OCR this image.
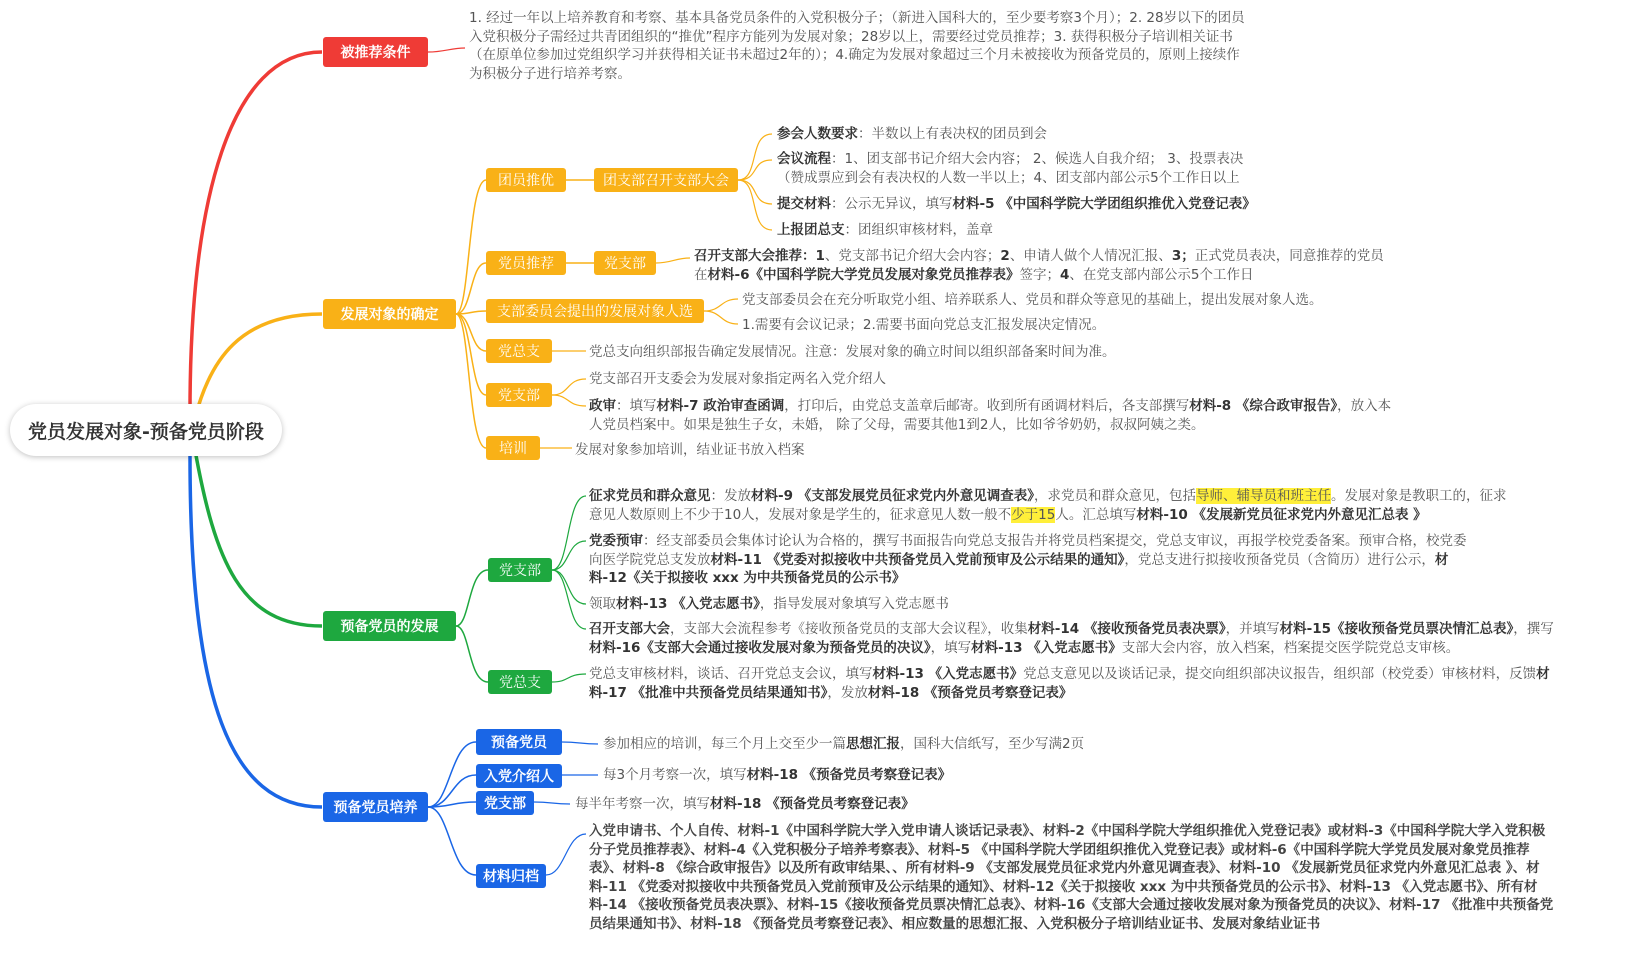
党员发展对象-预备党员阶段
被推荐条件
发展对象的确定
预备党员的发展
预备党员培养
1. 经过一年以上培养教育和考察、基本具备党员条件的入党积极分子；（新进入国科大的，至少要考察3个月）；2. 28岁以下的团员入党积极分子需经过共青团组织的“推优”程序方能列为发展对象；28岁以上，需要经过党员推荐；3. 获得积极分子培训相关证书（在原单位参加过党组织学习并获得相关证书未超过2年的）；4.确定为发展对象超过三个月未被接收为预备党员的，原则上接续作为积极分子进行培养考察。
团员推优	团支部召开支部大会
党员推荐	党支部
支部委员会提出的发展对象人选
党总支
党支部
培训
参会人数要求：半数以上有表决权的团员到会
会议流程：1、团支部书记介绍大会内容； 2、候选人自我介绍； 3、投票表决（赞成票应到会有表决权的人数一半以上；4、团支部内部公示5个工作日以上
提交材料：公示无异议，填写材料-5 《中国科学院大学团组织推优入党登记表》
上报团总支：团组织审核材料，盖章
召开支部大会推荐：1、党支部书记介绍大会内容；2、申请人做个人情况汇报、3；正式党员表决，同意推荐的党员在材料-6《中国科学院大学党员发展对象党员推荐表》签字；4、在党支部内部公示5个工作日
党支部委员会在充分听取党小组、培养联系人、党员和群众等意见的基础上，提出发展对象人选。
1.需要有会议记录；2.需要书面向党总支汇报发展决定情况。
党总支向组织部报告确定发展情况。注意：发展对象的确立时间以组织部备案时间为准。
党支部召开支委会为发展对象指定两名入党介绍人
政审：填写材料-7 政治审查函调，打印后，由党总支盖章后邮寄。收到所有函调材料后，各支部撰写材料-8 《综合政审报告》，放入本人党员档案中。如果是独生子女，未婚， 除了父母，需要其他1到2人，比如爷爷奶奶，叔叔阿姨之类。
发展对象参加培训，结业证书放入档案
党支部
党总支
征求党员和群众意见：发放材料-9 《支部发展党员征求党内外意见调查表》，求党员和群众意见，包括导师、辅导员和班主任。发展对象是教职工的，征求意见人数原则上不少于10人，发展对象是学生的，征求意见人数一般不少于15人。汇总填写材料-10 《发展新党员征求党内外意见汇总表 》
党委预审：经支部委员会集体讨论认为合格的，撰写书面报告向党总支报告并将党员档案提交，党总支审议，再报学校党委备案。预审合格，校党委向医学院党总支发放材料-11 《党委对拟接收中共预备党员入党前预审及公示结果的通知》，党总支进行拟接收预备党员（含简历）进行公示，材料-12《关于拟接收 xxx 为中共预备党员的公示书》
领取材料-13 《入党志愿书》，指导发展对象填写入党志愿书
召开支部大会，支部大会流程参考《接收预备党员的支部大会议程》，收集材料-14 《接收预备党员表决票》，并填写材料-15《接收预备党员票决情汇总表》，撰写材料-16《支部大会通过接收发展对象为预备党员的决议》，填写材料-13 《入党志愿书》支部大会内容，放入档案，档案提交医学院党总支审核。
党总支审核材料，谈话、召开党总支会议，填写材料-13 《入党志愿书》党总支意见以及谈话记录，提交向组织部决议报告，组织部（校党委）审核材料，反馈材料-17 《批准中共预备党员结果通知书》，发放材料-18 《预备党员考察登记表》
预备党员
入党介绍人
党支部
材料归档
参加相应的培训，每三个月上交至少一篇思想汇报，国科大信纸写，至少写满2页
每3个月考察一次，填写材料-18 《预备党员考察登记表》
每半年考察一次，填写材料-18 《预备党员考察登记表》
入党申请书、个人自传、材料-1《中国科学院大学入党申请人谈话记录表》、材料-2《中国科学院大学组织推优入党登记表》或材料-3《中国科学院大学入党积极分子党员推荐表》、材料-4《入党积极分子培养考察表》、材料-5 《中国科学院大学团组织推优入党登记表》或材料-6《中国科学院大学党员发展对象党员推荐表》、材料-8 《综合政审报告》以及所有政审结果、、所有材料-9 《支部发展党员征求党内外意见调查表》、材料-10 《发展新党员征求党内外意见汇总表 》、材料-11 《党委对拟接收中共预备党员入党前预审及公示结果的通知》、材料-12《关于拟接收 xxx 为中共预备党员的公示书》、材料-13 《入党志愿书》、所有材料-14 《接收预备党员表决票》、材料-15《接收预备党员票决情汇总表》、材料-16《支部大会通过接收发展对象为预备党员的决议》、材料-17 《批准中共预备党员结果通知书》、材料-18 《预备党员考察登记表》、相应数量的思想汇报、入党积极分子培训结业证书、发展对象结业证书
